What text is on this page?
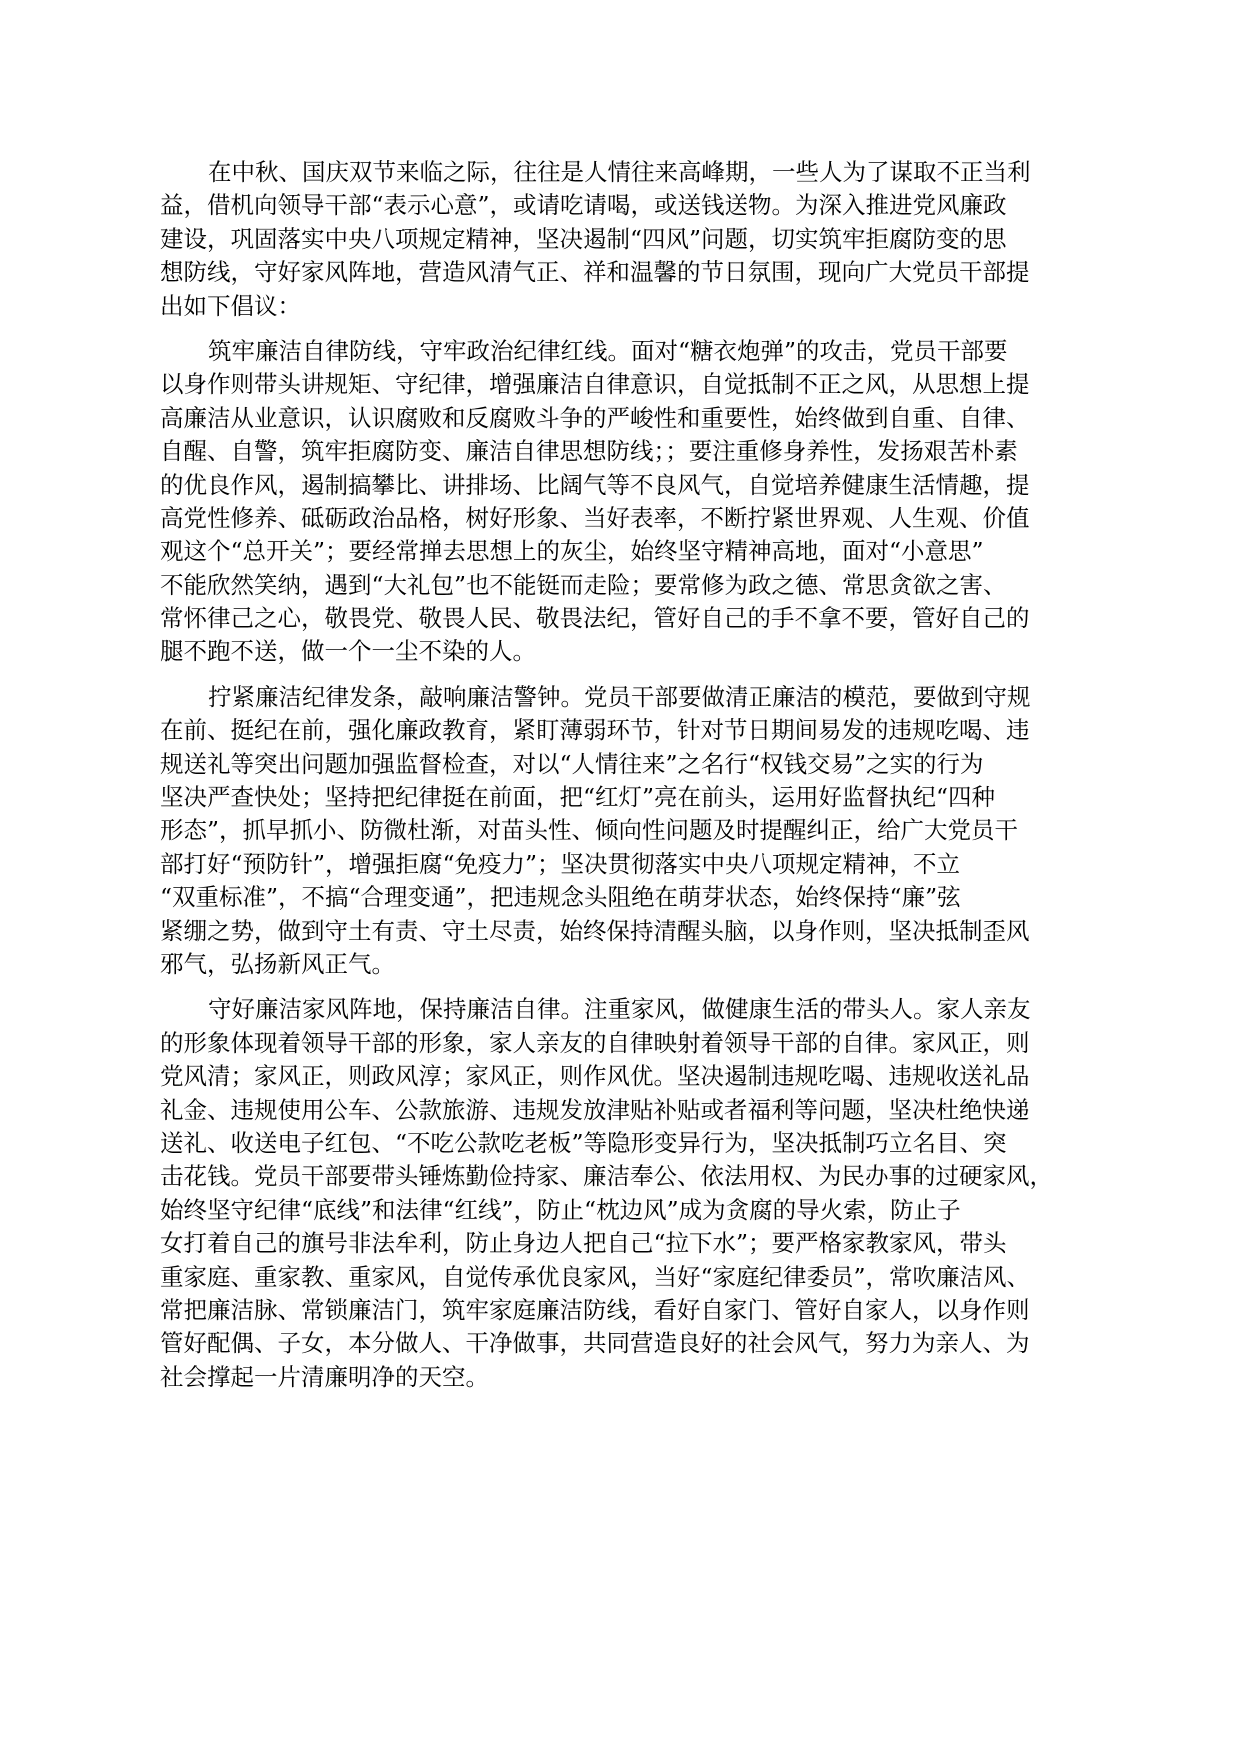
在中秋、国庆双节来临之际，往往是人情往来高峰期，一些人为了谋取不正当利
益，借机向领导干部“表示心意”，或请吃请喝，或送钱送物。为深入推进党风廉政
建设，巩固落实中央八项规定精神，坚决遏制“四风”问题，切实筑牢拒腐防变的思
想防线，守好家风阵地，营造风清气正、祥和温馨的节日氛围，现向广大党员干部提
出如下倡议：
筑牢廉洁自律防线，守牢政治纪律红线。面对“糖衣炮弹”的攻击，党员干部要
以身作则带头讲规矩、守纪律，增强廉洁自律意识，自觉抵制不正之风，从思想上提
高廉洁从业意识，认识腐败和反腐败斗争的严峻性和重要性，始终做到自重、自律、
自醒、自警，筑牢拒腐防变、廉洁自律思想防线；；要注重修身养性，发扬艰苦朴素
的优良作风，遏制搞攀比、讲排场、比阔气等不良风气，自觉培养健康生活情趣，提
高党性修养、砥砺政治品格，树好形象、当好表率，不断拧紧世界观、人生观、价值
观这个“总开关”；要经常掸去思想上的灰尘，始终坚守精神高地，面对“小意思”
不能欣然笑纳，遇到“大礼包”也不能铤而走险；要常修为政之德、常思贪欲之害、
常怀律己之心，敬畏党、敬畏人民、敬畏法纪，管好自己的手不拿不要，管好自己的
腿不跑不送，做一个一尘不染的人。
拧紧廉洁纪律发条，敲响廉洁警钟。党员干部要做清正廉洁的模范，要做到守规
在前、挺纪在前，强化廉政教育，紧盯薄弱环节，针对节日期间易发的违规吃喝、违
规送礼等突出问题加强监督检查，对以“人情往来”之名行“权钱交易”之实的行为
坚决严查快处；坚持把纪律挺在前面，把“红灯”亮在前头，运用好监督执纪“四种
形态”，抓早抓小、防微杜渐，对苗头性、倾向性问题及时提醒纠正，给广大党员干
部打好“预防针”，增强拒腐“免疫力”；坚决贯彻落实中央八项规定精神，不立
“双重标准”，不搞“合理变通”，把违规念头阻绝在萌芽状态，始终保持“廉”弦
紧绷之势，做到守土有责、守土尽责，始终保持清醒头脑，以身作则，坚决抵制歪风
邪气，弘扬新风正气。
守好廉洁家风阵地，保持廉洁自律。注重家风，做健康生活的带头人。家人亲友
的形象体现着领导干部的形象，家人亲友的自律映射着领导干部的自律。家风正，则
党风清；家风正，则政风淳；家风正，则作风优。坚决遏制违规吃喝、违规收送礼品
礼金、违规使用公车、公款旅游、违规发放津贴补贴或者福利等问题，坚决杜绝快递
送礼、收送电子红包、“不吃公款吃老板”等隐形变异行为，坚决抵制巧立名目、突
击花钱。党员干部要带头锤炼勤俭持家、廉洁奉公、依法用权、为民办事的过硬家风，
始终坚守纪律“底线”和法律“红线”，防止“枕边风”成为贪腐的导火索，防止子
女打着自己的旗号非法牟利，防止身边人把自己“拉下水”；要严格家教家风，带头
重家庭、重家教、重家风，自觉传承优良家风，当好“家庭纪律委员”，常吹廉洁风、
常把廉洁脉、常锁廉洁门，筑牢家庭廉洁防线，看好自家门、管好自家人，以身作则
管好配偶、子女，本分做人、干净做事，共同营造良好的社会风气，努力为亲人、为
社会撑起一片清廉明净的天空。
